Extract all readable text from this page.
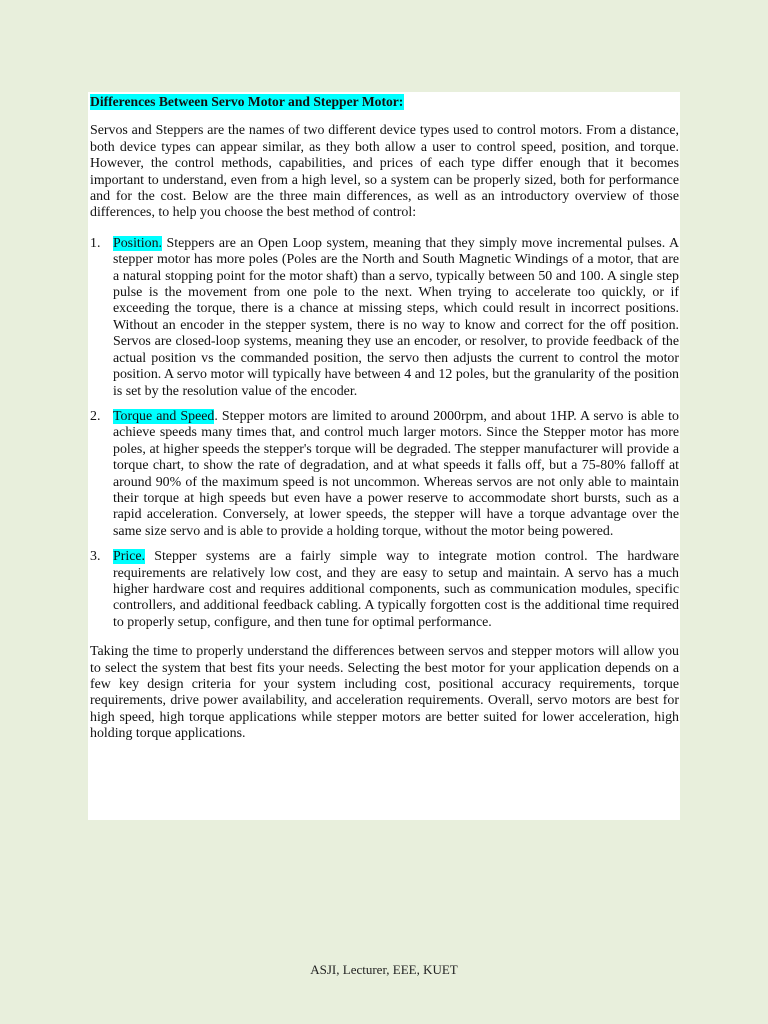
Differences Between Servo Motor and Stepper Motor:

Servos and Steppers are the names of two different device types used to control motors. From a distance, both device types can appear similar, as they both allow a user to control speed, position, and torque. However, the control methods, capabilities, and prices of each type differ enough that it becomes important to understand, even from a high level, so a system can be properly sized, both for performance and for the cost. Below are the three main differences, as well as an introductory overview of those differences, to help you choose the best method of control:

1. Position. Steppers are an Open Loop system, meaning that they simply move incremental pulses. A stepper motor has more poles (Poles are the North and South Magnetic Windings of a motor, that are a natural stopping point for the motor shaft) than a servo, typically between 50 and 100. A single step pulse is the movement from one pole to the next. When trying to accelerate too quickly, or if exceeding the torque, there is a chance at missing steps, which could result in incorrect positions. Without an encoder in the stepper system, there is no way to know and correct for the off position. Servos are closed-loop systems, meaning they use an encoder, or resolver, to provide feedback of the actual position vs the commanded position, the servo then adjusts the current to control the motor position. A servo motor will typically have between 4 and 12 poles, but the granularity of the position is set by the resolution value of the encoder.
2. Torque and Speed. Stepper motors are limited to around 2000rpm, and about 1HP. A servo is able to achieve speeds many times that, and control much larger motors. Since the Stepper motor has more poles, at higher speeds the stepper's torque will be degraded. The stepper manufacturer will provide a torque chart, to show the rate of degradation, and at what speeds it falls off, but a 75-80% falloff at around 90% of the maximum speed is not uncommon. Whereas servos are not only able to maintain their torque at high speeds but even have a power reserve to accommodate short bursts, such as a rapid acceleration. Conversely, at lower speeds, the stepper will have a torque advantage over the same size servo and is able to provide a holding torque, without the motor being powered.
3. Price. Stepper systems are a fairly simple way to integrate motion control. The hardware requirements are relatively low cost, and they are easy to setup and maintain. A servo has a much higher hardware cost and requires additional components, such as communication modules, specific controllers, and additional feedback cabling. A typically forgotten cost is the additional time required to properly setup, configure, and then tune for optimal performance.

Taking the time to properly understand the differences between servos and stepper motors will allow you to select the system that best fits your needs. Selecting the best motor for your application depends on a few key design criteria for your system including cost, positional accuracy requirements, torque requirements, drive power availability, and acceleration requirements. Overall, servo motors are best for high speed, high torque applications while stepper motors are better suited for lower acceleration, high holding torque applications.

ASJI, Lecturer, EEE, KUET
